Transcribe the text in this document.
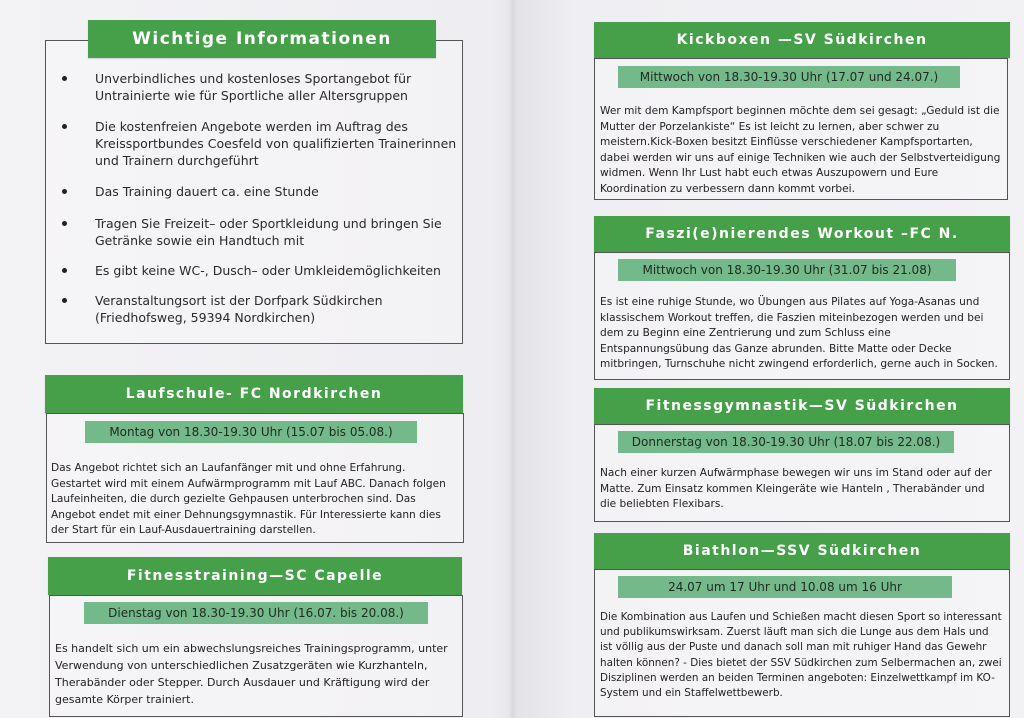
Wichtige Informationen
Unverbindliches und kostenloses Sportangebot für Untrainierte wie für Sportliche aller Altersgruppen
Die kostenfreien Angebote werden im Auftrag des Kreissportbundes Coesfeld von qualifizierten Trainerinnen und Trainern durchgeführt
Das Training dauert ca. eine Stunde
Tragen Sie Freizeit– oder Sportkleidung und bringen Sie Getränke sowie ein Handtuch mit
Es gibt keine WC-, Dusch– oder Umkleidemöglichkeiten
Veranstaltungsort ist der Dorfpark Südkirchen (Friedhofsweg, 59394 Nordkirchen)
Laufschule- FC Nordkirchen
Montag von 18.30-19.30 Uhr (15.07 bis 05.08.)
Das Angebot richtet sich an Laufanfänger mit und ohne Erfahrung. Gestartet wird mit einem Aufwärmprogramm mit Lauf ABC. Danach folgen Laufeinheiten, die durch gezielte Gehpausen unterbrochen sind. Das Angebot endet mit einer Dehnungsgymnastik. Für Interessierte kann dies der Start für ein Lauf-Ausdauertraining darstellen.
Fitnesstraining—SC Capelle
Dienstag von 18.30-19.30 Uhr (16.07. bis 20.08.)
Es handelt sich um ein abwechslungsreiches Trainingsprogramm, unter Verwendung von unterschiedlichen Zusatzgeräten wie Kurzhanteln, Therabänder oder Stepper. Durch Ausdauer und Kräftigung wird der gesamte Körper trainiert.
Kickboxen —SV Südkirchen
Mittwoch von 18.30-19.30 Uhr (17.07 und 24.07.)
Wer mit dem Kampfsport beginnen möchte dem sei gesagt: „Geduld ist die Mutter der Porzelankiste“ Es ist leicht zu lernen, aber schwer zu meistern.Kick-Boxen besitzt Einflüsse verschiedener Kampfsportarten, dabei werden wir uns auf einige Techniken wie auch der Selbstverteidigung widmen. Wenn Ihr Lust habt euch etwas Auszupowern und Eure Koordination zu verbessern dann kommt vorbei.
Faszi(e)nierendes Workout –FC N.
Mittwoch von 18.30-19.30 Uhr (31.07 bis 21.08)
Es ist eine ruhige Stunde, wo Übungen aus Pilates auf Yoga-Asanas und klassischem Workout treffen, die Faszien miteinbezogen werden und bei dem zu Beginn eine Zentrierung und zum Schluss eine Entspannungsübung das Ganze abrunden. Bitte Matte oder Decke mitbringen, Turnschuhe nicht zwingend erforderlich, gerne auch in Socken.
Fitnessgymnastik—SV Südkirchen
Donnerstag von 18.30-19.30 Uhr (18.07 bis 22.08.)
Nach einer kurzen Aufwärmphase bewegen wir uns im Stand oder auf der Matte. Zum Einsatz kommen Kleingeräte wie Hanteln , Therabänder und die beliebten Flexibars.
Biathlon—SSV Südkirchen
24.07 um 17 Uhr und 10.08 um 16 Uhr
Die Kombination aus Laufen und Schießen macht diesen Sport so interessant und publikumswirksam. Zuerst läuft man sich die Lunge aus dem Hals und ist völlig aus der Puste und danach soll man mit ruhiger Hand das Gewehr halten können? - Dies bietet der SSV Südkirchen zum Selbermachen an, zwei Disziplinen werden an beiden Terminen angeboten: Einzelwettkampf im KO-System und ein Staffelwettbewerb.
